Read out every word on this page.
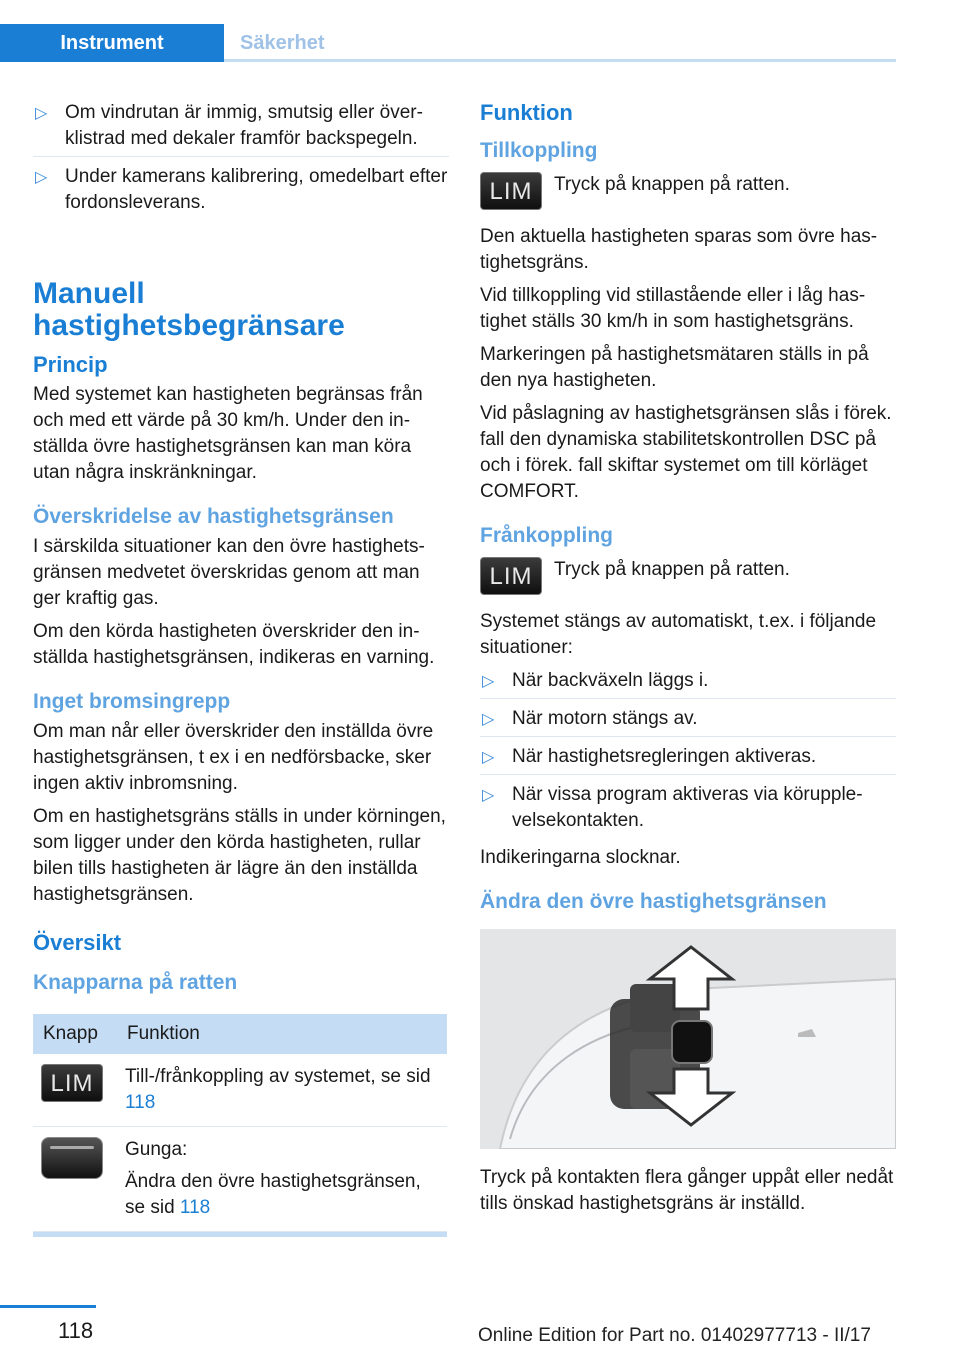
Instrument	Säkerhet
▷ Om vindrutan är immig, smutsig eller överklistrad med dekaler framför backspegeln.
▷ Under kamerans kalibrering, omedelbart efter fordonsleverans.
Manuell hastighetsbegränsare
Princip

Med systemet kan hastigheten begränsas från och med ett värde på 30 km/h. Under den inställda övre hastighetsgränsen kan man köra utan några inskränkningar.

Överskridelse av hastighetsgränsen

I särskilda situationer kan den övre hastighetsgränsen medvetet överskridas genom att man ger kraftig gas.

Om den körda hastigheten överskrider den inställda hastighetsgränsen, indikeras en varning.

Inget bromsingrepp

Om man når eller överskrider den inställda övre hastighetsgränsen, t ex i en nedförsbacke, sker ingen aktiv inbromsning.

Om en hastighetsgräns ställs in under körningen, som ligger under den körda hastigheten, rullar bilen tills hastigheten är lägre än den inställda hastighetsgränsen.

Översikt
Knapparna på ratten
Knapp	Funktion
LIM	Till-/frånkoppling av systemet, se sid 118

	Gunga:
Ändra den övre hastighetsgränsen, se sid 118
Funktion
Tillkoppling
LIM	Tryck på knappen på ratten.

Den aktuella hastigheten sparas som övre hastighetsgräns.

Vid tillkoppling vid stillastående eller i låg hastighet ställs 30 km/h in som hastighetsgräns.

Markeringen på hastighetsmätaren ställs in på den nya hastigheten.

Vid påslagning av hastighetsgränsen slås i förek. fall den dynamiska stabilitetskontrollen DSC på och i förek. fall skiftar systemet om till körläget COMFORT.

Frånkoppling
LIM	Tryck på knappen på ratten.

Systemet stängs av automatiskt, t.ex. i följande situationer:

▷ När backväxeln läggs i.
▷ När motorn stängs av.
▷ När hastighetsregleringen aktiveras.
▷ När vissa program aktiveras via körupplevelsekontakten.

Indikeringarna slocknar.

Ändra den övre hastighetsgränsen

Tryck på kontakten flera gånger uppåt eller nedåt tills önskad hastighetsgräns är inställd.

118	Online Edition for Part no. 01402977713 - II/17
